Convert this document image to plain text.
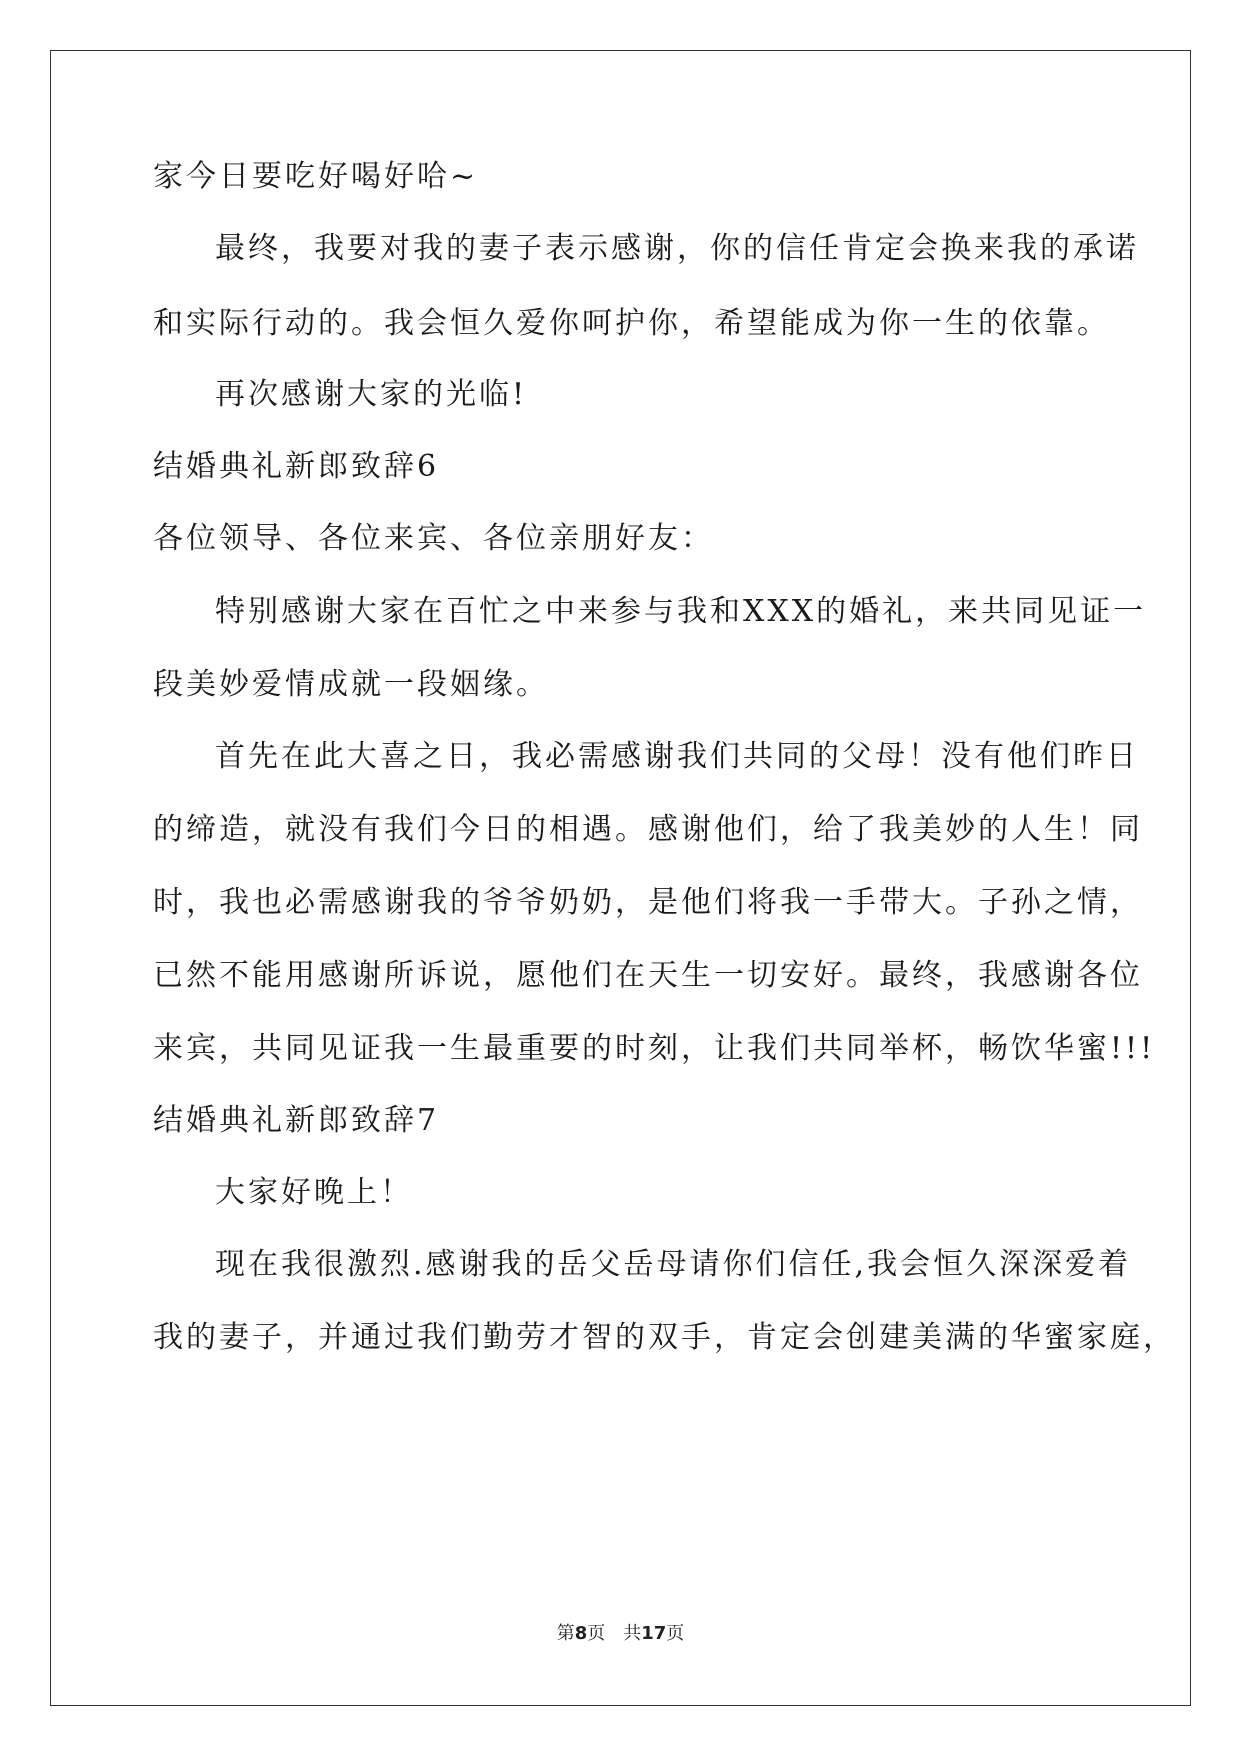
家今日要吃好喝好哈~
最终，我要对我的妻子表示感谢，你的信任肯定会换来我的承诺
和实际行动的。我会恒久爱你呵护你，希望能成为你一生的依靠。
再次感谢大家的光临!
结婚典礼新郎致辞6
各位领导、各位来宾、各位亲朋好友：
特别感谢大家在百忙之中来参与我和XXX的婚礼，来共同见证一
段美妙爱情成就一段姻缘。
首先在此大喜之日，我必需感谢我们共同的父母！没有他们昨日
的缔造，就没有我们今日的相遇。感谢他们，给了我美妙的人生！同
时，我也必需感谢我的爷爷奶奶，是他们将我一手带大。子孙之情，
已然不能用感谢所诉说，愿他们在天生一切安好。最终，我感谢各位
来宾，共同见证我一生最重要的时刻，让我们共同举杯，畅饮华蜜!!!
结婚典礼新郎致辞7
大家好晚上！
现在我很激烈.感谢我的岳父岳母请你们信任,我会恒久深深爱着
我的妻子，并通过我们勤劳才智的双手，肯定会创建美满的华蜜家庭，
第8页 共17页
